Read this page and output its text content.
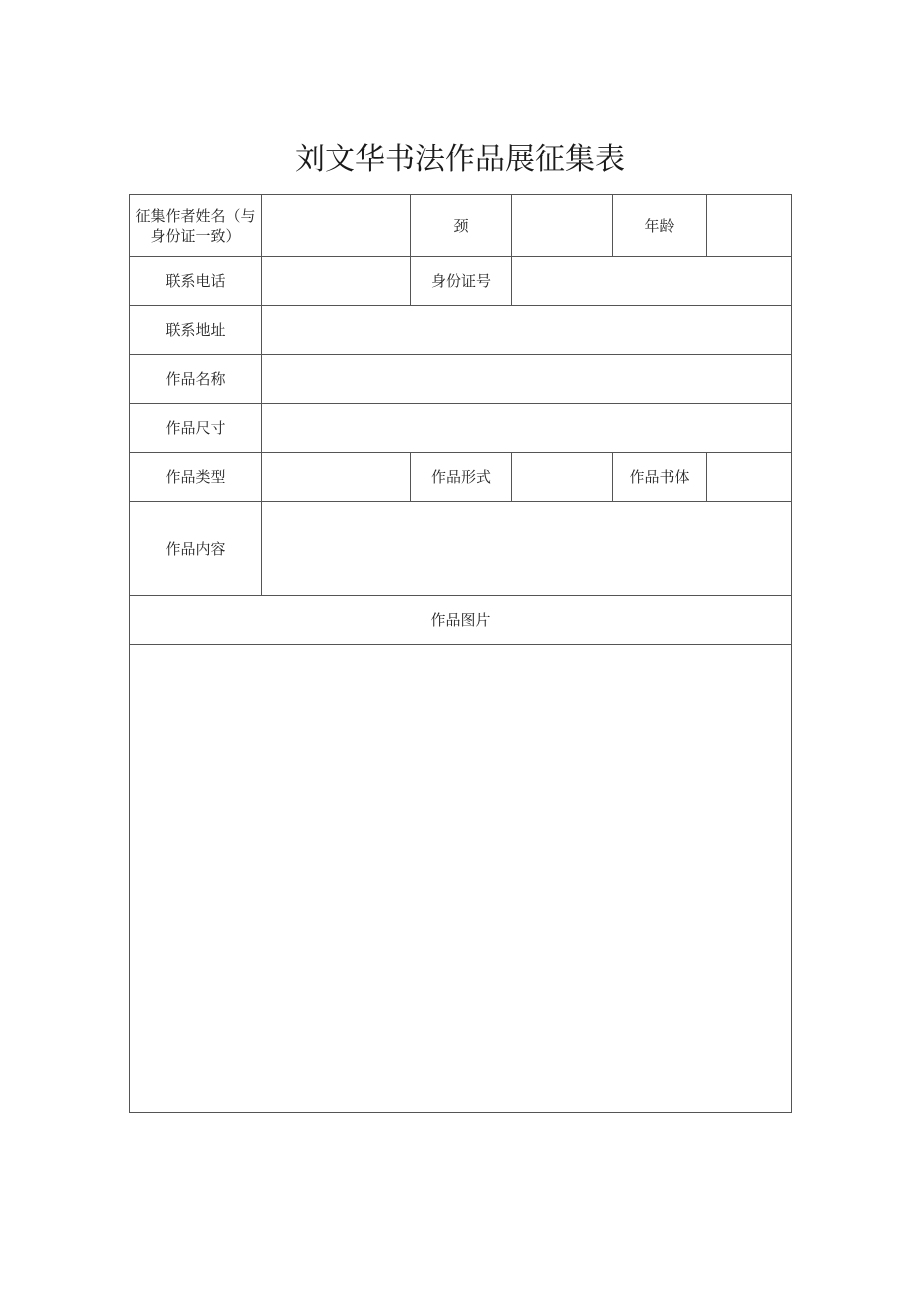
刘文华书法作品展征集表
征集作者姓名（与
身份证一致）		颈		年龄	
联系电话		身份证号			
联系地址					
作品名称					
作品尺寸					
作品类型		作品形式		作品书体	
作品内容					
作品图片					
